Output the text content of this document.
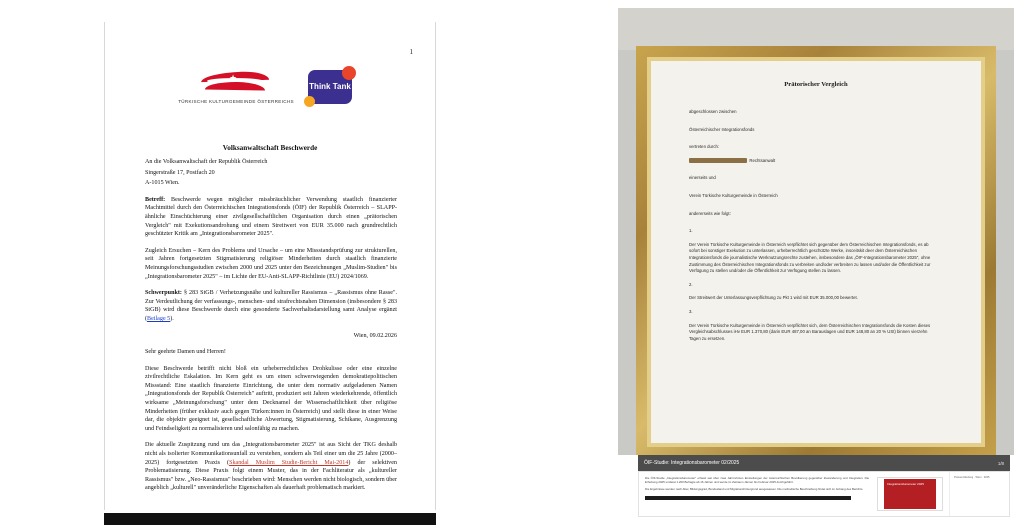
1
★
TÜRKISCHE KULTURGEMEINDE ÖSTERREICHS
Think Tank
Volksanwaltschaft Beschwerde

An die Volksanwaltschaft der Republik Österreich

Singerstraße 17, Postfach 20

A-1015 Wien.

Betreff: Beschwerde wegen möglicher missbräuchlicher Verwendung staatlich finanzierter Machtmittel durch den Österreichischen Integrationsfonds (ÖIF) der Republik Österreich – SLAPP-ähnliche Einschüchterung einer zivilgesellschaftlichen Organisation durch einen „prätorischen Vergleich" mit Exekutionsandrohung und einem Streitwert von EUR 35.000 nach grundrechtlich geschützter Kritik am „Integrationsbarometer 2025".

Zugleich Ersuchen – Kern des Problems und Ursache – um eine Missstandsprüfung zur strukturellen, seit Jahren fortgesetzten Stigmatisierung religiöser Minderheiten durch staatlich finanzierte Meinungsforschungsstudien zwischen 2000 und 2025 unter den Bezeichnungen „Muslim-Studien" bis „Integrationsbarometer 2025" – im Lichte der EU-Anti-SLAPP-Richtlinie (EU) 2024/1069.

Schwerpunkt: § 283 StGB / Verhetzungsnähe und kultureller Rassismus – „Rassismus ohne Rasse". Zur Verdeutlichung der verfassungs-, menschen- und strafrechtsnahen Dimension (insbesondere § 283 StGB) wird diese Beschwerde durch eine gesonderte Sachverhaltsdarstellung samt Analyse ergänzt (Beilage 5).

Wien, 09.02.2026

Sehr geehrte Damen und Herren!

Diese Beschwerde betrifft nicht bloß ein urheberrechtliches Drohkulisse oder eine einzelne zivilrechtliche Eskalation. Im Kern geht es um einen schwerwiegenden demokratiepolitischen Missstand: Eine staatlich finanzierte Einrichtung, die unter dem normativ aufgeladenen Namen „Integrationsfonds der Republik Österreich" auftritt, produziert seit Jahren wiederkehrende, öffentlich wirksame „Meinungsforschung" unter dem Decknamel der Wissenschaftlichkeit über religiöse Minderheiten (früher exklusiv auch gegen Türken:innen in Österreich) und stellt diese in einer Weise dar, die objektiv geeignet ist, gesellschaftliche Abwertung, Stigmatisierung, Schikane, Ausgrenzung und Feindseligkeit zu normalisieren und salonfähig zu machen.

Die aktuelle Zuspitzung rund um das „Integrationsbarometer 2025" ist aus Sicht der TKG deshalb nicht als isolierter Kommunikationsunfall zu verstehen, sondern als Teil einer um die 25 Jahre (2000–2025) fortgesetzten Praxis (Skandal Muslim Studie-Bericht Mai-2014) der selektiven Problematisierung. Diese Praxis folgt einem Muster, das in der Fachliteratur als „kultureller Rassismus" bzw. „Neo-Rassismus" beschrieben wird: Menschen werden nicht biologisch, sondern über angeblich „kulturell" unveränderliche Eigenschaften als dauerhaft problematisch markiert.

Prätorischer Vergleich

abgeschlossen zwischen

Österreichischer Integrationsfonds

vertreten durch:

Rechtsanwalt

einerseits und

Verein Türkische Kulturgemeinde in Österreich

andererseits wie folgt:

1.

Der Verein Türkische Kulturgemeinde in Österreich verpflichtet sich gegenüber dem Österreichischen Integrationsfonds, es ab sofort bei sonstiger Exekution zu unterlassen, urheberrechtlich geschützte Werke, insceitskit deer dem Österreichischen Integrationsfonds die journalistische Werknutzungsrechte zustehen, insbesondere das „ÖIF-Integrationsbarometer 2025", ohne Zustimmung des Österreichischen Integrationsfonds zu verbreiten und/oder verbreiten zu lassen und/oder die Öffentlichkeit zur Verfügung zu stellen und/oder die Öffentlichkeit zur Verfügung stellen zu lassen.

2.

Der Streitwert der Unterlassungsverpflichtung zu Pkt 1 wird mit EUR 35.000,00 bewertet.

3.

Der Verein Türkische Kulturgemeinde in Österreich verpflichtet sich, dem Österreichischen Integrationsfonds die Kosten dieses Vergleichsabschlusses iHv EUR 1.370,80 (darin EUR 487,00 an Barauslagen und EUR 148,80 an 20 % USt) binnen vierzehn Tagen zu ersetzen.

ÖIF-Studie: Integrationsbarometer 02/2025	1/8

Die ÖIF-Studie „Integrationsbarometer" erfasst seit über zwei Jahrzehnten Einstellungen der österreichischen Bevölkerung gegenüber Zuwanderung und Integration. Die Erhebung 2025 umfasst 1.200 Befragte ab 16 Jahren und wurde im Zeitraum Jänner bis Februar 2025 durchgeführt.

Die Ergebnisse werden nach Alter, Bildungsgrad, Bundesland und Migrationshintergrund ausgewiesen. Die methodische Beschreibung findet sich im Anhang des Berichts.

Integrationsbarometer 2025
Pressemitteilung · Wien · 2025
